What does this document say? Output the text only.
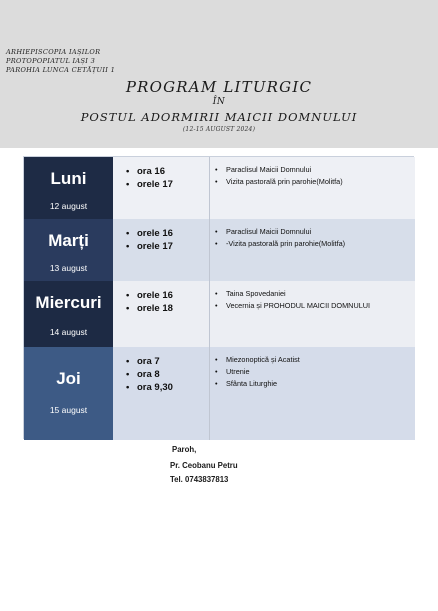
ARHIEPISCOPIA IAȘILOR
PROTOPOPIATUL IAȘI 3
PAROHIA LUNCA CETĂȚUII 1
PROGRAM LITURGIC
ÎN
POSTUL ADORMIRII MAICII DOMNULUI
(12-15 AUGUST 2024)
Luni
12 august
• ora 16
• orele 17
• Paraclisul Maicii Domnului
• Vizita pastorală prin parohie(Molitfa)
Marți
13 august
• orele 16
• orele 17
• Paraclisul Maicii Domnului
• -Vizita pastorală prin parohie(Molitfa)
Miercuri
14 august
• orele 16
• orele 18
• Taina Spovedaniei
• Vecernia și PROHODUL MAICII DOMNULUI
Joi
15 august
• ora 7
• ora 8
• ora 9,30
• Miezonoptică și Acatist
• Utrenie
• Sfânta Liturghie
Paroh,
Pr. Ceobanu Petru
Tel. 0743837813
